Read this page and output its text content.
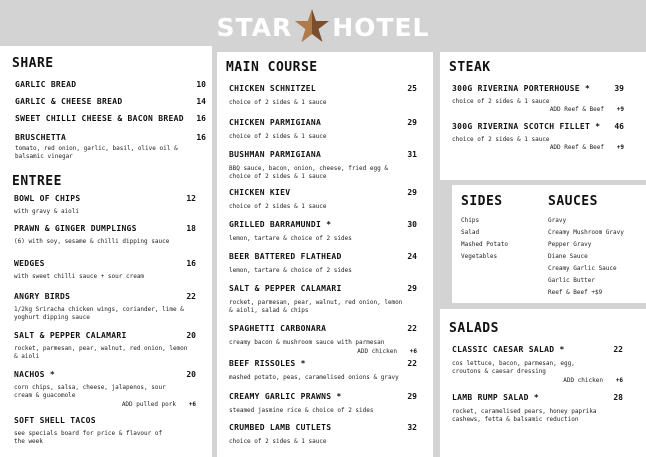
STAR HOTEL
SHARE
GARLIC BREAD	10
GARLIC & CHEESE BREAD	14
SWEET CHILLI CHEESE & BACON BREAD 16
BRUSCHETTA	16
tomato, red onion, garlic, basil, olive oil &
balsamic vinegar
ENTREE
BOWL OF CHIPS	12
with gravy & aioli
PRAWN & GINGER DUMPLINGS	18
(6) with soy, sesame & chilli dipping sauce
WEDGES	16
with sweet chilli sauce + sour cream
ANGRY BIRDS	22
1/2kg Sriracha chicken wings, coriander, lime &
yoghurt dipping sauce
SALT & PEPPER CALAMARI	20
rocket, parmesan, pear, walnut, red onion, lemon
& aioli
NACHOS *	20
corn chips, salsa, cheese, jalapenos, sour
cream & guacomole
ADD pulled pork +6
SOFT SHELL TACOS
see specials board for price & flavour of
the week
MAIN COURSE
CHICKEN SCHNITZEL	25
choice of 2 sides & 1 sauce
CHICKEN PARMIGIANA	29
choice of 2 sides & 1 sauce
BUSHMAN PARMIGIANA	31
BBQ sauce, bacon, onion, cheese, fried egg &
choice of 2 sides & 1 sauce
CHICKEN KIEV	29
choice of 2 sides & 1 sauce
GRILLED BARRAMUNDI *	30
lemon, tartare & choice of 2 sides
BEER BATTERED FLATHEAD	24
lemon, tartare & choice of 2 sides
SALT & PEPPER CALAMARI	29
rocket, parmesan, pear, walnut, red onion, lemon
& aioli, salad & chips
SPAGHETTI CARBONARA	22
creamy bacon & mushroom sauce with parmesan
ADD chicken +6
BEEF RISSOLES *	22
mashed potato, peas, caramelised onions & gravy
CREAMY GARLIC PRAWNS *	29
steamed jasmine rice & choice of 2 sides
CRUMBED LAMB CUTLETS	32
choice of 2 sides & 1 sauce
STEAK
300G RIVERINA PORTERHOUSE *	39
choice of 2 sides & 1 sauce
ADD Reef & Beef +9
300G RIVERINA SCOTCH FILLET * 46
choice of 2 sides & 1 sauce
ADD Reef & Beef +9
SIDES	SAUCES
Chips
Salad
Mashed Potato
Vegetables
Gravy
Creamy Mushroom Gravy
Pepper Gravy
Diane Sauce
Creamy Garlic Sauce
Garlic Butter
Reef & Beef +$9
SALADS
CLASSIC CAESAR SALAD *	22
cos lettuce, bacon, parmesan, egg,
croutons & caesar dressing
ADD chicken +6
LAMB RUMP SALAD *	28
rocket, caramelised pears, honey paprika
cashews, fetta & balsamic reduction
